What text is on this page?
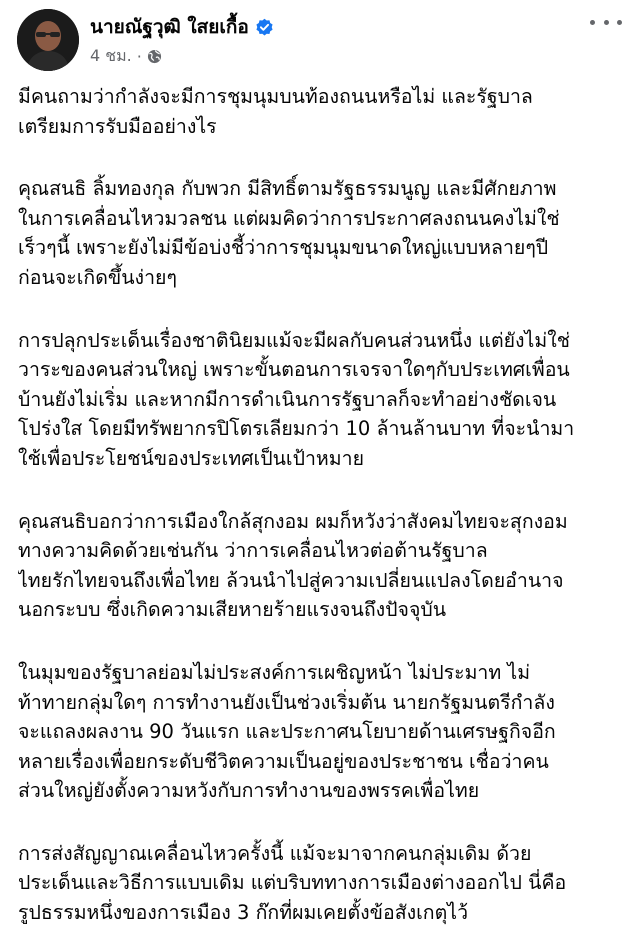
นายณัฐวุฒิ ใสยเกื้อ
4 ชม. ·

มีคนถามว่ากำลังจะมีการชุมนุมบนท้องถนนหรือไม่ และรัฐบาล
เตรียมการรับมืออย่างไร

คุณสนธิ ลิ้มทองกุล กับพวก มีสิทธิ์ตามรัฐธรรมนูญ และมีศักยภาพ
ในการเคลื่อนไหวมวลชน แต่ผมคิดว่าการประกาศลงถนนคงไม่ใช่
เร็วๆนี้ เพราะยังไม่มีข้อบ่งชี้ว่าการชุมนุมขนาดใหญ่แบบหลายๆปี
ก่อนจะเกิดขึ้นง่ายๆ

การปลุกประเด็นเรื่องชาตินิยมแม้จะมีผลกับคนส่วนหนึ่ง แต่ยังไม่ใช่
วาระของคนส่วนใหญ่ เพราะขั้นตอนการเจรจาใดๆกับประเทศเพื่อน
บ้านยังไม่เริ่ม และหากมีการดำเนินการรัฐบาลก็จะทำอย่างชัดเจน
โปร่งใส โดยมีทรัพยากรปิโตรเลียมกว่า 10 ล้านล้านบาท ที่จะนำมา
ใช้เพื่อประโยชน์ของประเทศเป็นเป้าหมาย

คุณสนธิบอกว่าการเมืองใกล้สุกงอม ผมก็หวังว่าสังคมไทยจะสุกงอม
ทางความคิดด้วยเช่นกัน ว่าการเคลื่อนไหวต่อต้านรัฐบาล
ไทยรักไทยจนถึงเพื่อไทย ล้วนนำไปสู่ความเปลี่ยนแปลงโดยอำนาจ
นอกระบบ ซึ่งเกิดความเสียหายร้ายแรงจนถึงปัจจุบัน

ในมุมของรัฐบาลย่อมไม่ประสงค์การเผชิญหน้า ไม่ประมาท ไม่
ท้าทายกลุ่มใดๆ การทำงานยังเป็นช่วงเริ่มต้น นายกรัฐมนตรีกำลัง
จะแถลงผลงาน 90 วันแรก และประกาศนโยบายด้านเศรษฐกิจอีก
หลายเรื่องเพื่อยกระดับชีวิตความเป็นอยู่ของประชาชน เชื่อว่าคน
ส่วนใหญ่ยังตั้งความหวังกับการทำงานของพรรคเพื่อไทย

การส่งสัญญาณเคลื่อนไหวครั้งนี้ แม้จะมาจากคนกลุ่มเดิม ด้วย
ประเด็นและวิธีการแบบเดิม แต่บริบททางการเมืองต่างออกไป นี่คือ
รูปธรรมหนึ่งของการเมือง 3 ก๊กที่ผมเคยตั้งข้อสังเกตุไว้
